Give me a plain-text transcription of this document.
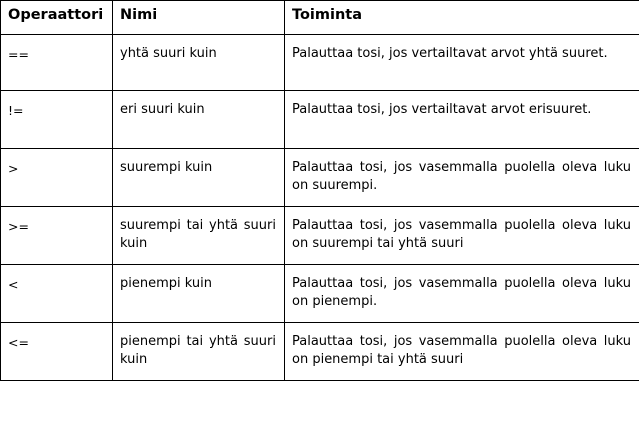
Operaattori	Nimi	Toiminta
==	yhtä suuri kuin	Palauttaa tosi, jos vertailtavat arvot yhtä suuret.
!=	eri suuri kuin	Palauttaa tosi, jos vertailtavat arvot erisuuret.
>	suurempi kuin	Palauttaa tosi, jos vasemmalla puolella oleva luku on suurempi.
>=	suurempi tai yhtä suuri kuin	Palauttaa tosi, jos vasemmalla puolella oleva luku on suurempi tai yhtä suuri
<	pienempi kuin	Palauttaa tosi, jos vasemmalla puolella oleva luku on pienempi.
<=	pienempi tai yhtä suuri kuin	Palauttaa tosi, jos vasemmalla puolella oleva luku on pienempi tai yhtä suuri
